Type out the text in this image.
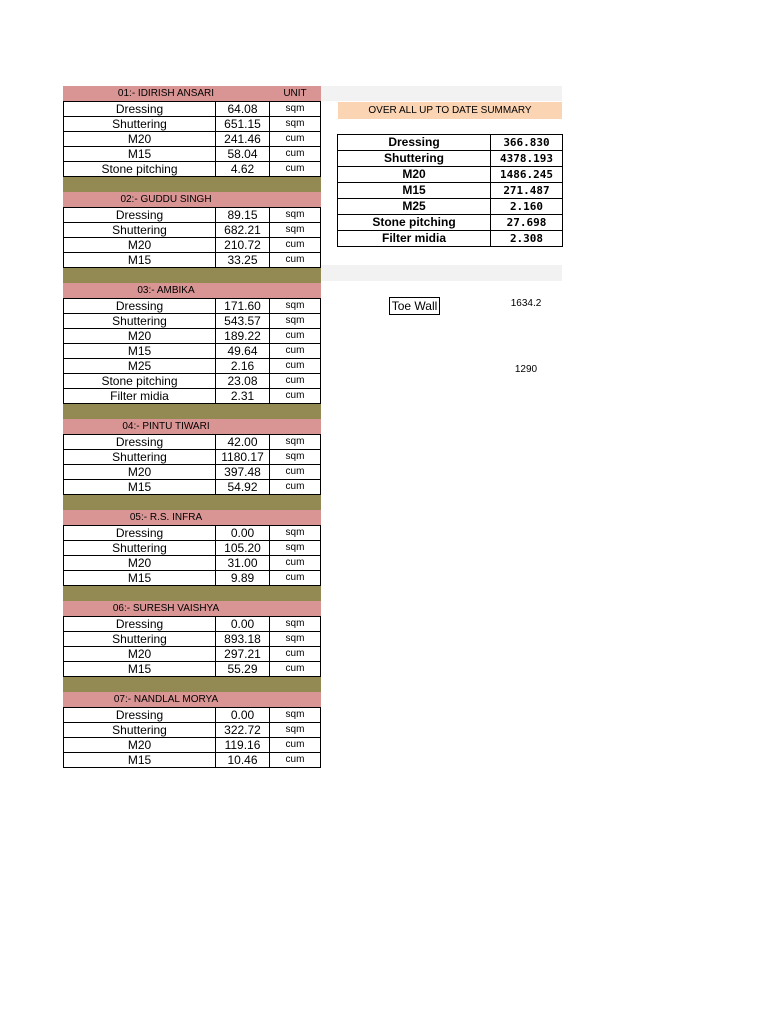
01:- IDIRISH ANSARI	UNIT
Dressing	64.08	sqm
Shuttering	651.15	sqm
M20	241.46	cum
M15	58.04	cum
Stone pitching	4.62	cum
02:- GUDDU SINGH
Dressing	89.15	sqm
Shuttering	682.21	sqm
M20	210.72	cum
M15	33.25	cum
03:- AMBIKA
Dressing	171.60	sqm
Shuttering	543.57	sqm
M20	189.22	cum
M15	49.64	cum
M25	2.16	cum
Stone pitching	23.08	cum
Filter midia	2.31	cum
04:- PINTU TIWARI
Dressing	42.00	sqm
Shuttering	1180.17	sqm
M20	397.48	cum
M15	54.92	cum
05:- R.S. INFRA
Dressing	0.00	sqm
Shuttering	105.20	sqm
M20	31.00	cum
M15	9.89	cum
06:- SURESH VAISHYA
Dressing	0.00	sqm
Shuttering	893.18	sqm
M20	297.21	cum
M15	55.29	cum
07:- NANDLAL MORYA
Dressing	0.00	sqm
Shuttering	322.72	sqm
M20	119.16	cum
M15	10.46	cum
OVER ALL UP TO DATE SUMMARY
Dressing	366.830
Shuttering	4378.193
M20	1486.245
M15	271.487
M25	2.160
Stone pitching	27.698
Filter midia	2.308
Toe Wall	1634.2
1290
